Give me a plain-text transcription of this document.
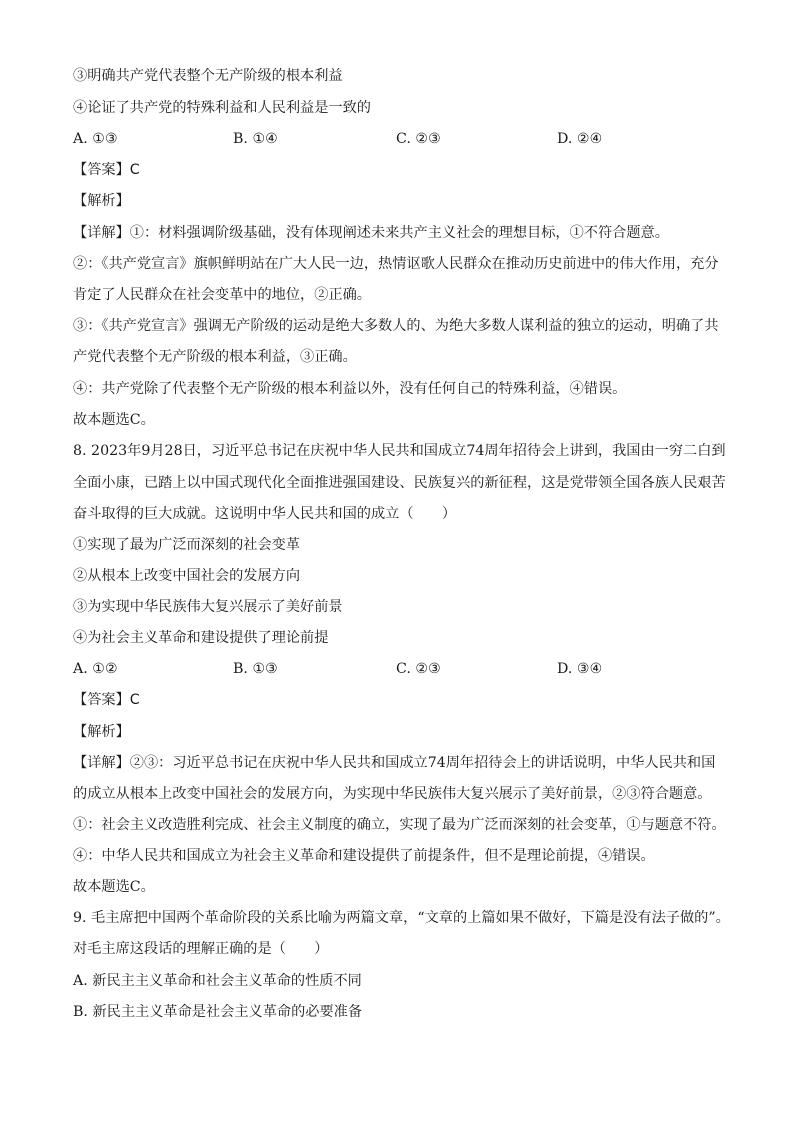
③明确共产党代表整个无产阶级的根本利益
④论证了共产党的特殊利益和人民利益是一致的
A. ①③	B. ①④	C. ②③	D. ②④
【答案】C
【解析】
【详解】①：材料强调阶级基础，没有体现阐述未来共产主义社会的理想目标，①不符合题意。
②：《共产党宣言》旗帜鲜明站在广大人民一边，热情讴歌人民群众在推动历史前进中的伟大作用，充分
肯定了人民群众在社会变革中的地位，②正确。
③：《共产党宣言》强调无产阶级的运动是绝大多数人的、为绝大多数人谋利益的独立的运动，明确了共
产党代表整个无产阶级的根本利益，③正确。
④：共产党除了代表整个无产阶级的根本利益以外，没有任何自己的特殊利益，④错误。
故本题选C。
8. 2023年9月28日，习近平总书记在庆祝中华人民共和国成立74周年招待会上讲到，我国由一穷二白到
全面小康，已踏上以中国式现代化全面推进强国建设、民族复兴的新征程，这是党带领全国各族人民艰苦
奋斗取得的巨大成就。这说明中华人民共和国的成立（　　）
①实现了最为广泛而深刻的社会变革
②从根本上改变中国社会的发展方向
③为实现中华民族伟大复兴展示了美好前景
④为社会主义革命和建设提供了理论前提
A. ①②	B. ①③	C. ②③	D. ③④
【答案】C
【解析】
【详解】②③：习近平总书记在庆祝中华人民共和国成立74周年招待会上的讲话说明，中华人民共和国
的成立从根本上改变中国社会的发展方向，为实现中华民族伟大复兴展示了美好前景，②③符合题意。
①：社会主义改造胜利完成、社会主义制度的确立，实现了最为广泛而深刻的社会变革，①与题意不符。
④：中华人民共和国成立为社会主义革命和建设提供了前提条件，但不是理论前提，④错误。
故本题选C。
9. 毛主席把中国两个革命阶段的关系比喻为两篇文章，“文章的上篇如果不做好，下篇是没有法子做的”。
对毛主席这段话的理解正确的是（　　）
A. 新民主主义革命和社会主义革命的性质不同
B. 新民主主义革命是社会主义革命的必要准备
